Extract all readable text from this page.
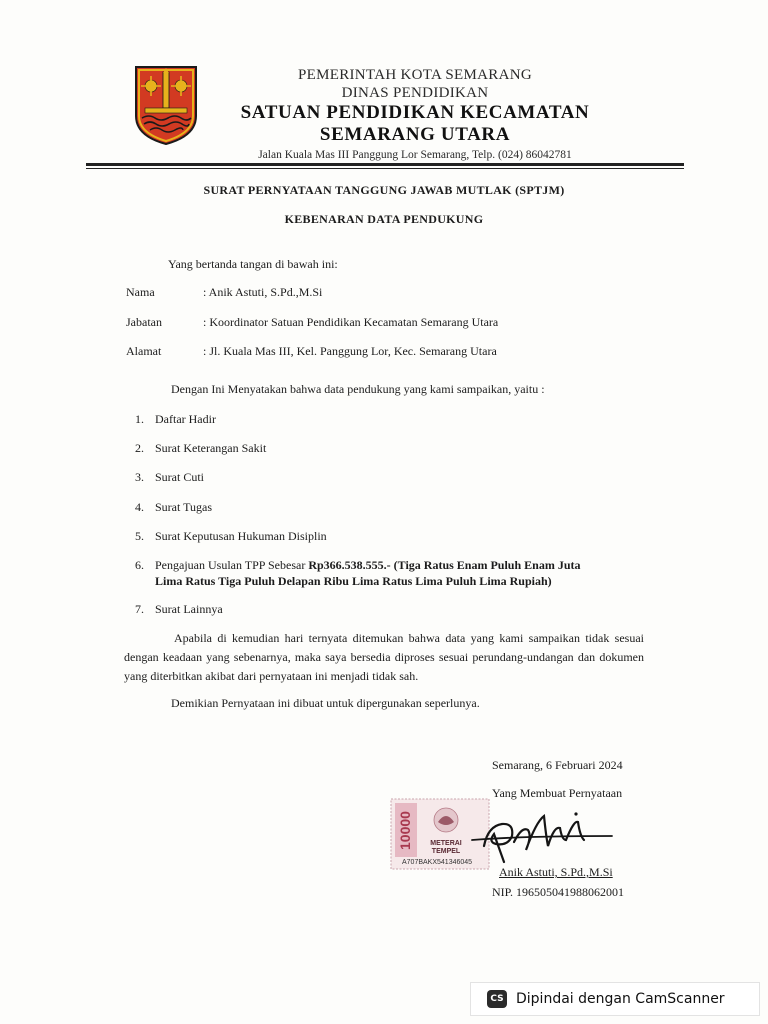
PEMERINTAH KOTA SEMARANG
DINAS PENDIDIKAN
SATUAN PENDIDIKAN KECAMATAN
SEMARANG UTARA
Jalan Kuala Mas III Panggung Lor Semarang, Telp. (024) 86042781
SURAT PERNYATAAN TANGGUNG JAWAB MUTLAK (SPTJM)
KEBENARAN DATA PENDUKUNG
Yang bertanda tangan di bawah ini:
Nama	: Anik Astuti, S.Pd.,M.Si
Jabatan	: Koordinator Satuan Pendidikan Kecamatan Semarang Utara
Alamat	: Jl. Kuala Mas III, Kel. Panggung Lor, Kec. Semarang Utara
Dengan Ini Menyatakan bahwa data pendukung yang kami sampaikan, yaitu :
1. Daftar Hadir
2. Surat Keterangan Sakit
3. Surat Cuti
4. Surat Tugas
5. Surat Keputusan Hukuman Disiplin
6. Pengajuan Usulan TPP Sebesar Rp366.538.555.- (Tiga Ratus Enam Puluh Enam Juta
Lima Ratus Tiga Puluh Delapan Ribu Lima Ratus Lima Puluh Lima Rupiah)
7. Surat Lainnya
Apabila di kemudian hari ternyata ditemukan bahwa data yang kami sampaikan tidak sesuai dengan keadaan yang sebenarnya, maka saya bersedia diproses sesuai perundang-undangan dan dokumen yang diterbitkan akibat dari pernyataan ini menjadi tidak sah.
Demikian Pernyataan ini dibuat untuk dipergunakan seperlunya.
Semarang, 6 Februari 2024
Yang Membuat Pernyataan
10000 METERAI
TEMPEL
A707BAKX541346045
Anik Astuti, S.Pd.,M.Si
NIP. 196505041988062001
CS Dipindai dengan CamScanner
